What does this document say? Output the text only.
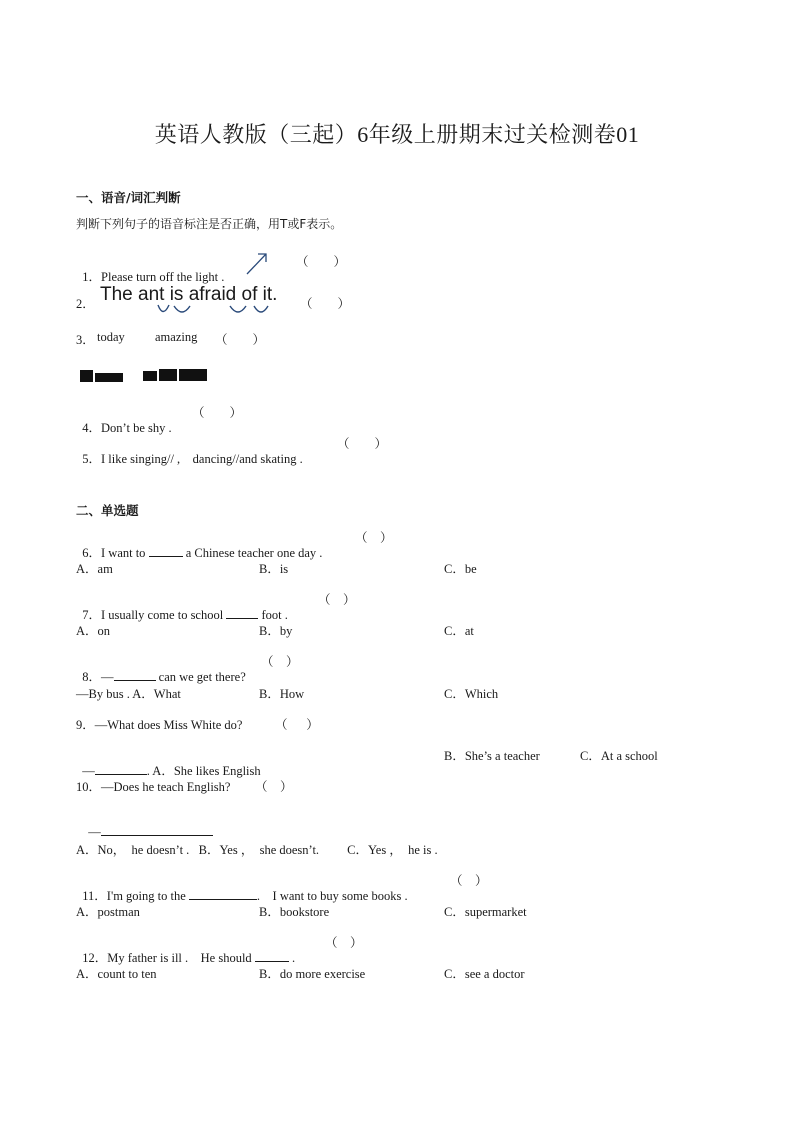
英语人教版（三起）6年级上册期末过关检测卷01
一、语音/词汇判断
判断下列句子的语音标注是否正确，用T或F表示。

1．Please turn off the light .

（        ）
2． The ant is afraid of it. （        ）
3． today amazing （        ）

4．Don’t be shy .

（        ）

5．I like singing// ,    dancing//and skating .

（        ）
二、单选题

6．I want to	a Chinese teacher one day .

（    ）
A．am	B．is	C．be

7．I usually come to school	foot .

（    ）
A．on	B．by	C．at

8．—	can we get there?

（    ）
—By bus . A．What	B．How	C．Which
9．—What does Miss White do?	（      ）

—	. A．She likes English

B．She’s a teacher	C．At a school
10．—Does he teach English? （    ）

—

A．No，  he doesn’t .   B．Yes ，  she doesn’t.         C．Yes ，  he is .

11．I'm going to the	.    I want to buy some books .

（    ）
A．postman	B．bookstore	C．supermarket

12．My father is ill .    He should	.

（    ）
A．count to ten	B．do more exercise	C．see a doctor
